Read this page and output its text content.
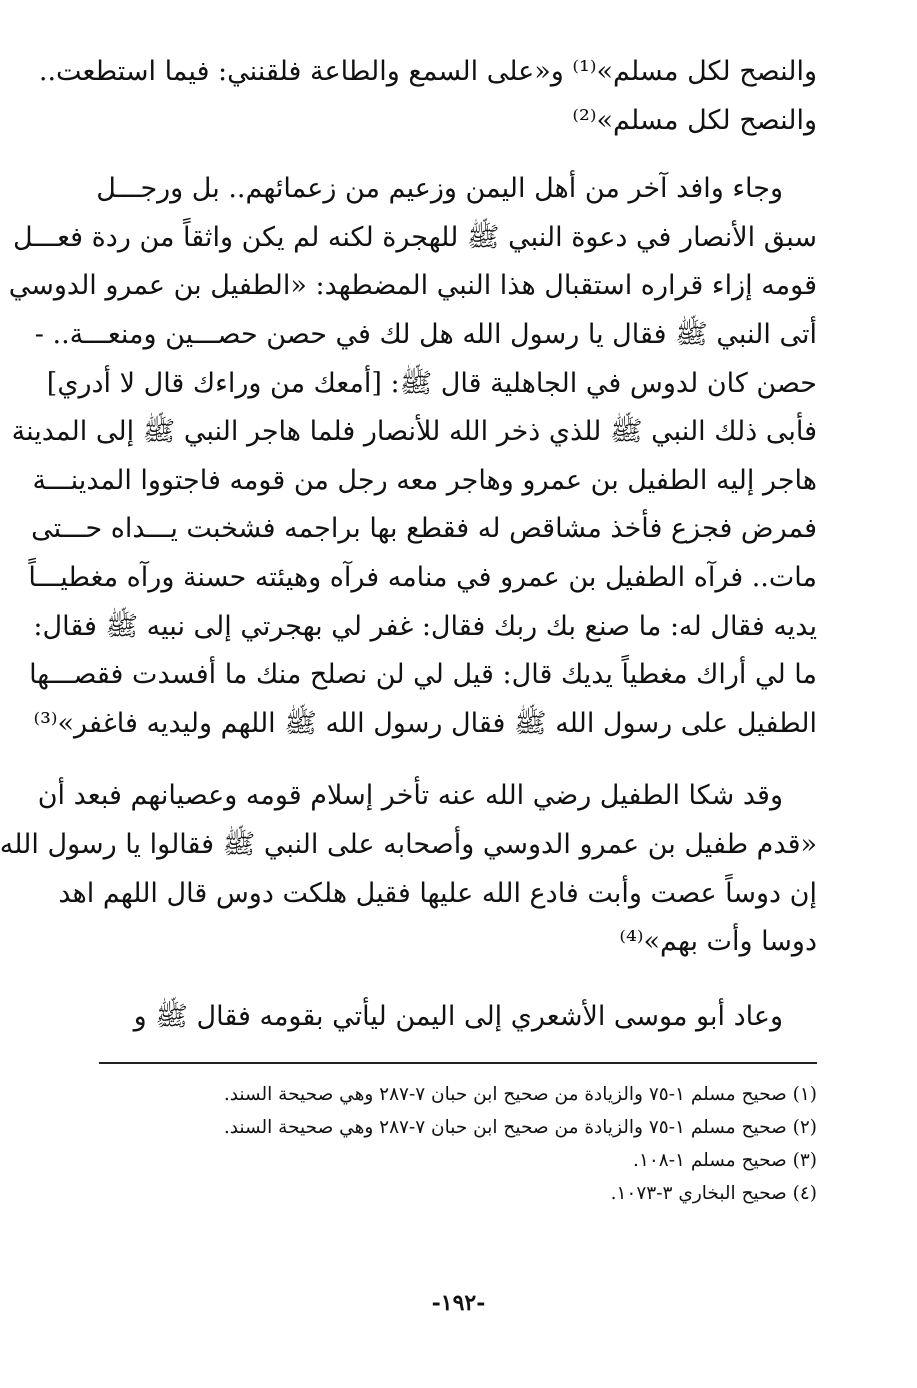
والنصح لكل مسلم»⁽¹⁾ و«على السمع والطاعة فلقنني: فيما استطعت..
والنصح لكل مسلم»⁽²⁾

وجاء وافد آخر من أهل اليمن وزعيم من زعمائهم.. بل ورجـــل
سبق الأنصار في دعوة النبي ﷺ للهجرة لكنه لم يكن واثقاً من ردة فعـــل
قومه إزاء قراره استقبال هذا النبي المضطهد: «الطفيل بن عمرو الدوسي
أتى النبي ﷺ فقال يا رسول الله هل لك في حصن حصـــين ومنعـــة.. -
حصن كان لدوس في الجاهلية قال ﷺ: [أمعك من وراءك قال لا أدري]
فأبى ذلك النبي ﷺ للذي ذخر الله للأنصار فلما هاجر النبي ﷺ إلى المدينة
هاجر إليه الطفيل بن عمرو وهاجر معه رجل من قومه فاجتووا المدينـــة
فمرض فجزع فأخذ مشاقص له فقطع بها براجمه فشخبت يـــداه حـــتى
مات.. فرآه الطفيل بن عمرو في منامه فرآه وهيئته حسنة ورآه مغطيـــاً
يديه فقال له: ما صنع بك ربك فقال: غفر لي بهجرتي إلى نبيه ﷺ فقال:
ما لي أراك مغطياً يديك قال: قيل لي لن نصلح منك ما أفسدت فقصـــها
الطفيل على رسول الله ﷺ فقال رسول الله ﷺ اللهم وليديه فاغفر»⁽³⁾

وقد شكا الطفيل رضي الله عنه تأخر إسلام قومه وعصيانهم فبعد أن
«قدم طفيل بن عمرو الدوسي وأصحابه على النبي ﷺ فقالوا يا رسول الله
إن دوساً عصت وأبت فادع الله عليها فقيل هلكت دوس قال اللهم اهد
دوسا وأت بهم»⁽⁴⁾

وعاد أبو موسى الأشعري إلى اليمن ليأتي بقومه فقال ﷺ و

(١) صحيح مسلم ١-٧٥ والزيادة من صحيح ابن حبان ٧-٢٨٧ وهي صحيحة السند.
(٢) صحيح مسلم ١-٧٥ والزيادة من صحيح ابن حبان ٧-٢٨٧ وهي صحيحة السند.
(٣) صحيح مسلم ١-١٠٨.
(٤) صحيح البخاري ٣-١٠٧٣.
-١٩٢-
